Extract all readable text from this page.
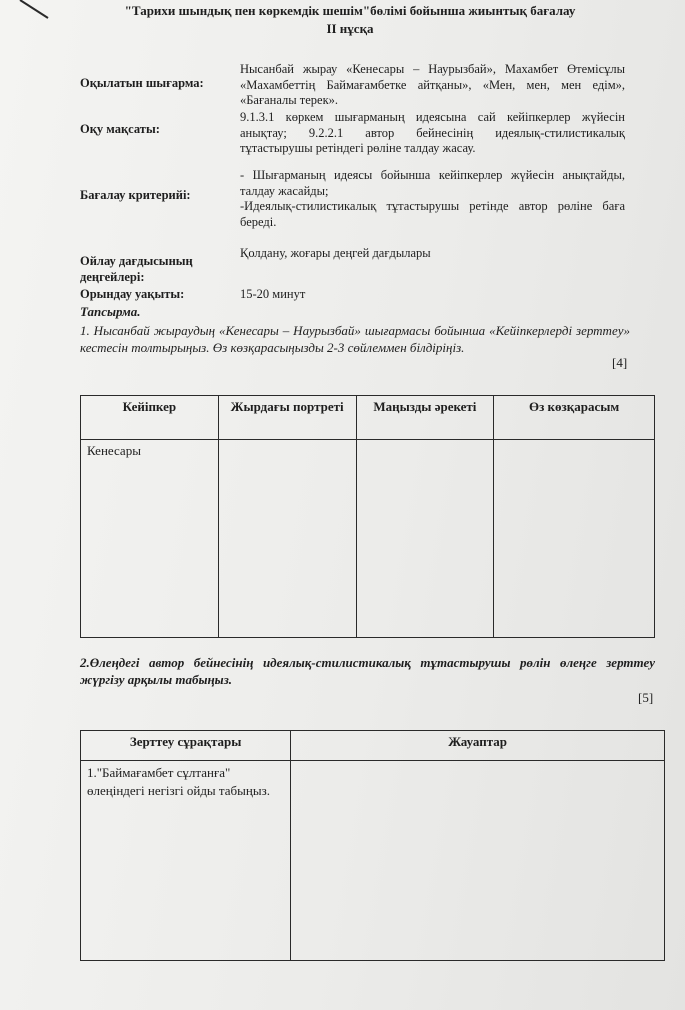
"Тарихи шындық пен көркемдік шешім"бөлімі бойынша жиынтық бағалау
II нұсқа
Оқылатын шығарма:
Нысанбай жырау «Кенесары – Наурызбай», Махамбет Өтемісұлы «Махамбеттің Баймағамбетке айтқаны», «Мен, мен, мен едім», «Бағаналы терек».
Оқу мақсаты:
9.1.3.1 көркем шығарманың идеясына сай кейіпкерлер жүйесін анықтау; 9.2.2.1 автор бейнесінің идеялық-стилистикалық тұтастырушы ретіндегі рөліне талдау жасау.
Бағалау критерийі:
- Шығарманың идеясы бойынша кейіпкерлер жүйесін анықтайды, талдау жасайды;
-Идеялық-стилистикалық тұтастырушы ретінде автор рөліне баға береді.
Ойлау дағдысының деңгейлері:
Қолдану, жоғары деңгей дағдылары
Орындау уақыты:	15-20 минут
Тапсырма.
1. Нысанбай жыраудың «Кенесары – Наурызбай» шығармасы бойынша «Кейіпкерлерді зерттеу» кестесін толтырыңыз. Өз көзқарасыңызды 2-3 сөйлеммен білдіріңіз.
[4]
Кейіпкер	Жырдағы портреті	Маңызды әрекеті	Өз көзқарасым
Кенесары			
2.Өлеңдегі автор бейнесінің идеялық-стилистикалық тұтастырушы рөлін өлеңге зерттеу жүргізу арқылы табыңыз.
[5]
Зерттеу сұрақтары	Жауаптар
1."Баймағамбет сұлтанға" өлеңіндегі негізгі ойды табыңыз.	
